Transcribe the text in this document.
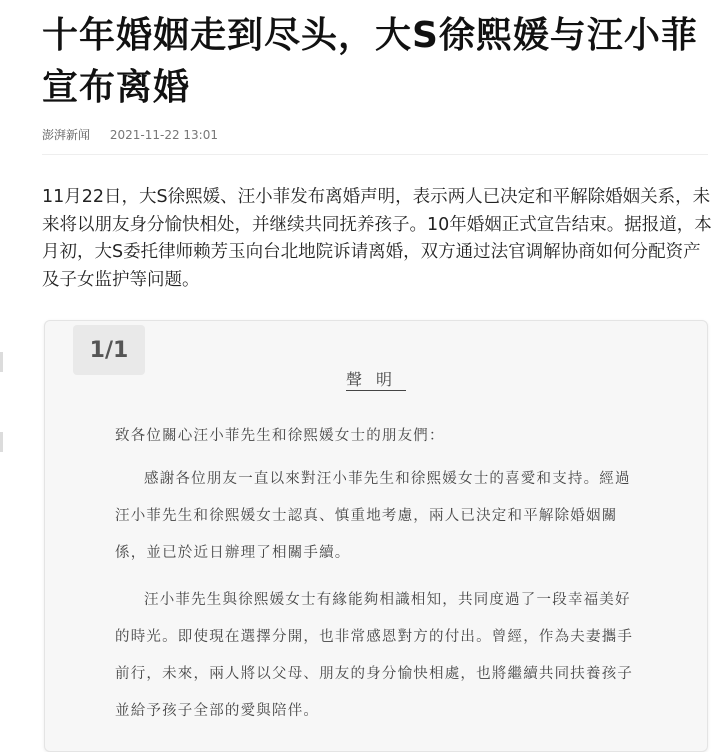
十年婚姻走到尽头，大S徐熙媛与汪小菲宣布离婚
澎湃新闻 2021-11-22 13:01

11月22日，大S徐熙媛、汪小菲发布离婚声明，表示两人已决定和平解除婚姻关系，未来将以朋友身分愉快相处，并继续共同抚养孩子。10年婚姻正式宣告结束。据报道，本月初，大S委托律师赖芳玉向台北地院诉请离婚，双方通过法官调解协商如何分配资产及子女监护等问题。

1/1
聲明

致各位關心汪小菲先生和徐熙媛女士的朋友們：

感謝各位朋友一直以來對汪小菲先生和徐熙媛女士的喜愛和支持。經過汪小菲先生和徐熙媛女士認真、慎重地考慮，兩人已決定和平解除婚姻關係，並已於近日辦理了相關手續。

汪小菲先生與徐熙媛女士有緣能夠相識相知，共同度過了一段幸福美好的時光。即使現在選擇分開，也非常感恩對方的付出。曾經，作為夫妻攜手前行，未來，兩人將以父母、朋友的身分愉快相處，也將繼續共同扶養孩子並給予孩子全部的愛與陪伴。
